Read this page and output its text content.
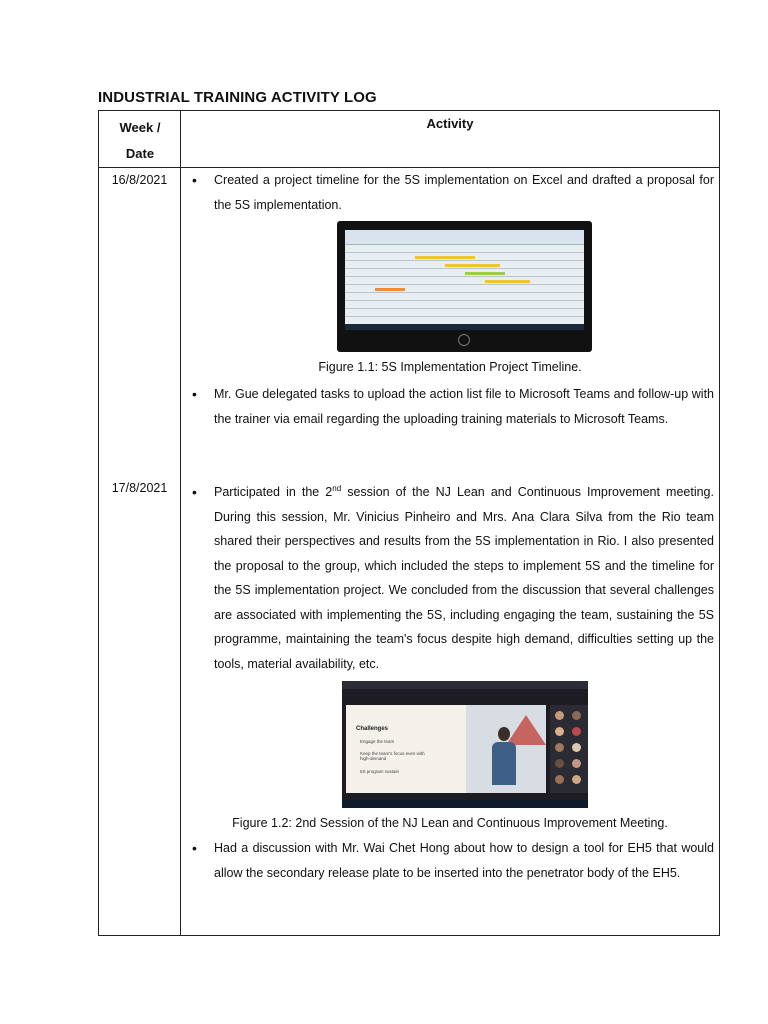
INDUSTRIAL TRAINING ACTIVITY LOG
Week /
Date
Activity
16/8/2021	• Created a project timeline for the 5S implementation on Excel and drafted a proposal for the 5S implementation.
Figure 1.1: 5S Implementation Project Timeline.
• Mr. Gue delegated tasks to upload the action list file to Microsoft Teams and follow-up with the trainer via email regarding the uploading training materials to Microsoft Teams.
17/8/2021	• Participated in the 2nd session of the NJ Lean and Continuous Improvement meeting. During this session, Mr. Vinicius Pinheiro and Mrs. Ana Clara Silva from the Rio team shared their perspectives and results from the 5S implementation in Rio. I also presented the proposal to the group, which included the steps to implement 5S and the timeline for the 5S implementation project. We concluded from the discussion that several challenges are associated with implementing the 5S, including engaging the team, sustaining the 5S programme, maintaining the team's focus despite high demand, difficulties setting up the tools, material availability, etc.
Challenges
Engage the team
Keep the team's focus even with high-demand
5S program sustain
Figure 1.2: 2nd Session of the NJ Lean and Continuous Improvement Meeting.
• Had a discussion with Mr. Wai Chet Hong about how to design a tool for EH5 that would allow the secondary release plate to be inserted into the penetrator body of the EH5.
